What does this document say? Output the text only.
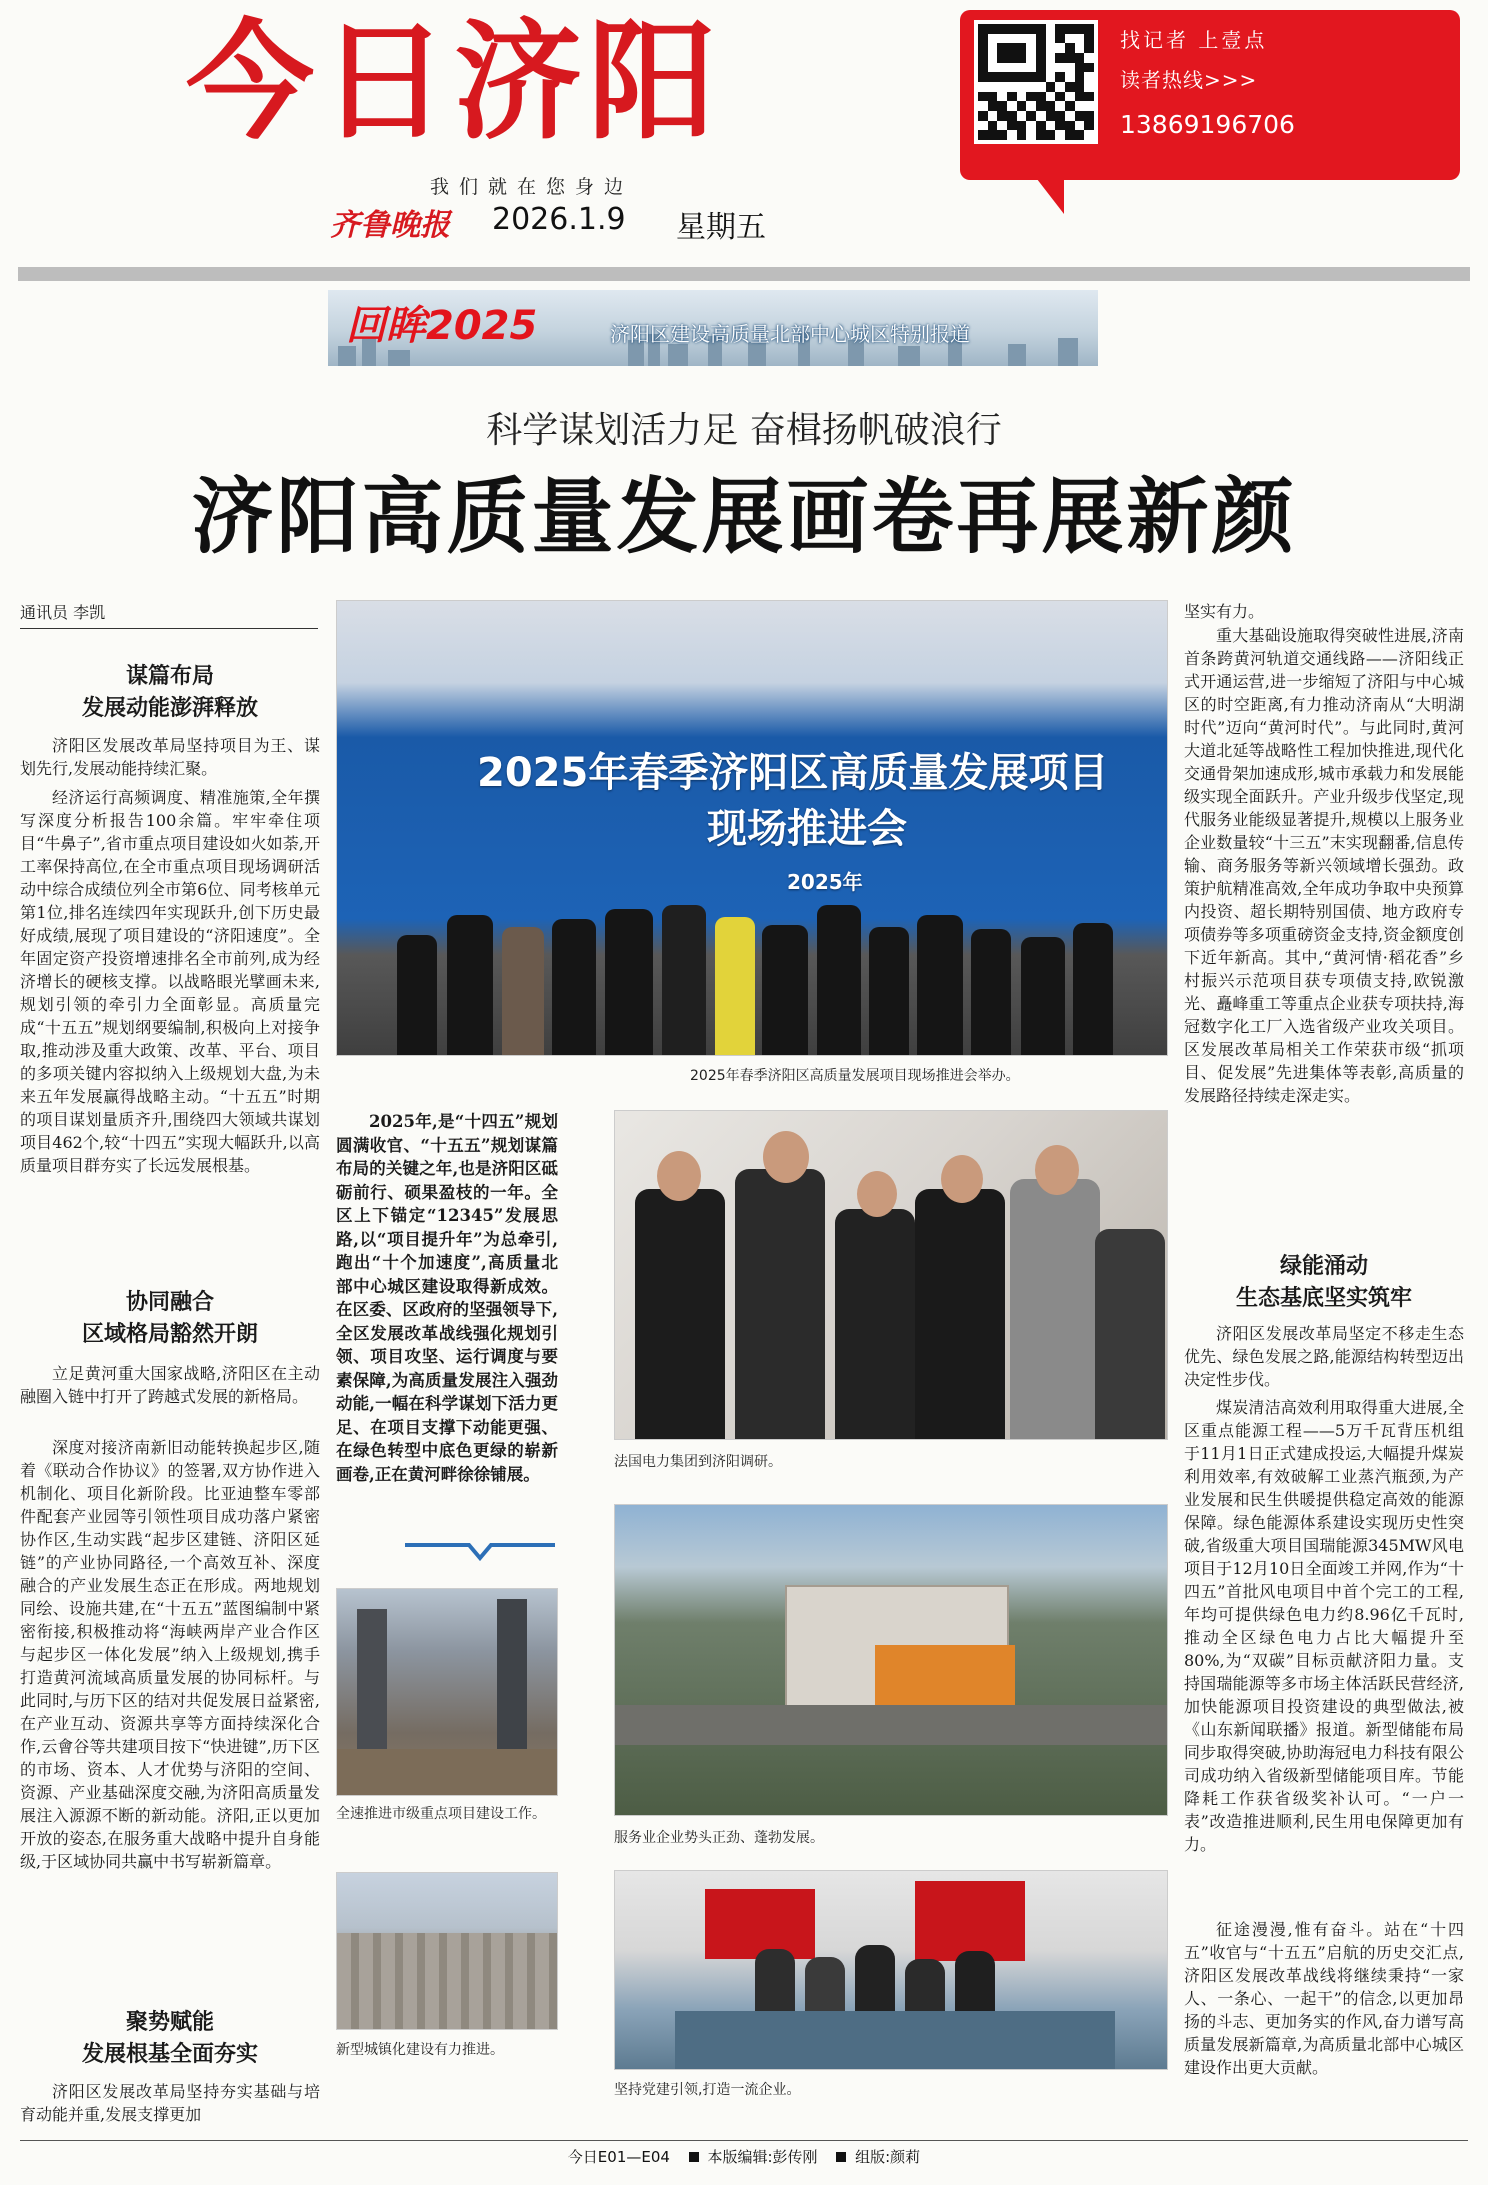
今日济阳
我们就在您身边
齐鲁晚报	2026.1.9	星期五
找记者 上壹点
读者热线>>>
13869196706
回眸2025	济阳区建设高质量北部中心城区特别报道
科学谋划活力足 奋楫扬帆破浪行
济阳高质量发展画卷再展新颜
通讯员 李凯
谋篇布局
发展动能澎湃释放
济阳区发展改革局坚持项目为王、谋划先行,发展动能持续汇聚。
经济运行高频调度、精准施策,全年撰写深度分析报告100余篇。牢牢牵住项目“牛鼻子”,省市重点项目建设如火如荼,开工率保持高位,在全市重点项目现场调研活动中综合成绩位列全市第6位、同考核单元第1位,排名连续四年实现跃升,创下历史最好成绩,展现了项目建设的“济阳速度”。全年固定资产投资增速排名全市前列,成为经济增长的硬核支撑。以战略眼光擘画未来,规划引领的牵引力全面彰显。高质量完成“十五五”规划纲要编制,积极向上对接争取,推动涉及重大政策、改革、平台、项目的多项关键内容拟纳入上级规划大盘,为未来五年发展赢得战略主动。“十五五”时期的项目谋划量质齐升,围绕四大领域共谋划项目462个,较“十四五”实现大幅跃升,以高质量项目群夯实了长远发展根基。
协同融合
区域格局豁然开朗
立足黄河重大国家战略,济阳区在主动融圈入链中打开了跨越式发展的新格局。
深度对接济南新旧动能转换起步区,随着《联动合作协议》的签署,双方协作进入机制化、项目化新阶段。比亚迪整车零部件配套产业园等引领性项目成功落户紧密协作区,生动实践“起步区建链、济阳区延链”的产业协同路径,一个高效互补、深度融合的产业发展生态正在形成。两地规划同绘、设施共建,在“十五五”蓝图编制中紧密衔接,积极推动将“海峡两岸产业合作区与起步区一体化发展”纳入上级规划,携手打造黄河流域高质量发展的协同标杆。与此同时,与历下区的结对共促发展日益紧密,在产业互动、资源共享等方面持续深化合作,云會谷等共建项目按下“快进键”,历下区的市场、资本、人才优势与济阳的空间、资源、产业基础深度交融,为济阳高质量发展注入源源不断的新动能。济阳,正以更加开放的姿态,在服务重大战略中提升自身能级,于区域协同共赢中书写崭新篇章。
聚势赋能
发展根基全面夯实
济阳区发展改革局坚持夯实基础与培育动能并重,发展支撑更加
2025年春季济阳区高质量发展项目
现场推进会
2025年
2025年春季济阳区高质量发展项目现场推进会举办。
2025年,是“十四五”规划圆满收官、“十五五”规划谋篇布局的关键之年,也是济阳区砥砺前行、硕果盈枝的一年。全区上下锚定“12345”发展思路,以“项目提升年”为总牵引,跑出“十个加速度”,高质量北部中心城区建设取得新成效。在区委、区政府的坚强领导下,全区发展改革战线强化规划引领、项目攻坚、运行调度与要素保障,为高质量发展注入强劲动能,一幅在科学谋划下活力更足、在项目支撑下动能更强、在绿色转型中底色更绿的崭新画卷,正在黄河畔徐徐铺展。
法国电力集团到济阳调研。
服务业企业势头正劲、蓬勃发展。
全速推进市级重点项目建设工作。
新型城镇化建设有力推进。
坚持党建引领,打造一流企业。
坚实有力。
重大基础设施取得突破性进展,济南首条跨黄河轨道交通线路——济阳线正式开通运营,进一步缩短了济阳与中心城区的时空距离,有力推动济南从“大明湖时代”迈向“黄河时代”。与此同时,黄河大道北延等战略性工程加快推进,现代化交通骨架加速成形,城市承载力和发展能级实现全面跃升。产业升级步伐坚定,现代服务业能级显著提升,规模以上服务业企业数量较“十三五”末实现翻番,信息传输、商务服务等新兴领域增长强劲。政策护航精准高效,全年成功争取中央预算内投资、超长期特别国债、地方政府专项债券等多项重磅资金支持,资金额度创下近年新高。其中,“黄河情·稻花香”乡村振兴示范项目获专项债支持,欧锐激光、矗峰重工等重点企业获专项扶持,海冠数字化工厂入选省级产业攻关项目。区发展改革局相关工作荣获市级“抓项目、促发展”先进集体等表彰,高质量的发展路径持续走深走实。
绿能涌动
生态基底坚实筑牢
济阳区发展改革局坚定不移走生态优先、绿色发展之路,能源结构转型迈出决定性步伐。
煤炭清洁高效利用取得重大进展,全区重点能源工程——5万千瓦背压机组于11月1日正式建成投运,大幅提升煤炭利用效率,有效破解工业蒸汽瓶颈,为产业发展和民生供暖提供稳定高效的能源保障。绿色能源体系建设实现历史性突破,省级重大项目国瑞能源345MW风电项目于12月10日全面竣工并网,作为“十四五”首批风电项目中首个完工的工程,年均可提供绿色电力约8.96亿千瓦时,推动全区绿色电力占比大幅提升至80%,为“双碳”目标贡献济阳力量。支持国瑞能源等多市场主体活跃民营经济,加快能源项目投资建设的典型做法,被《山东新闻联播》报道。新型储能布局同步取得突破,协助海冠电力科技有限公司成功纳入省级新型储能项目库。节能降耗工作获省级奖补认可。“一户一表”改造推进顺利,民生用电保障更加有力。
征途漫漫,惟有奋斗。站在“十四五”收官与“十五五”启航的历史交汇点,济阳区发展改革战线将继续秉持“一家人、一条心、一起干”的信念,以更加昂扬的斗志、更加务实的作风,奋力谱写高质量发展新篇章,为高质量北部中心城区建设作出更大贡献。
今日E01—E04	本版编辑:彭传刚	组版:颜莉
